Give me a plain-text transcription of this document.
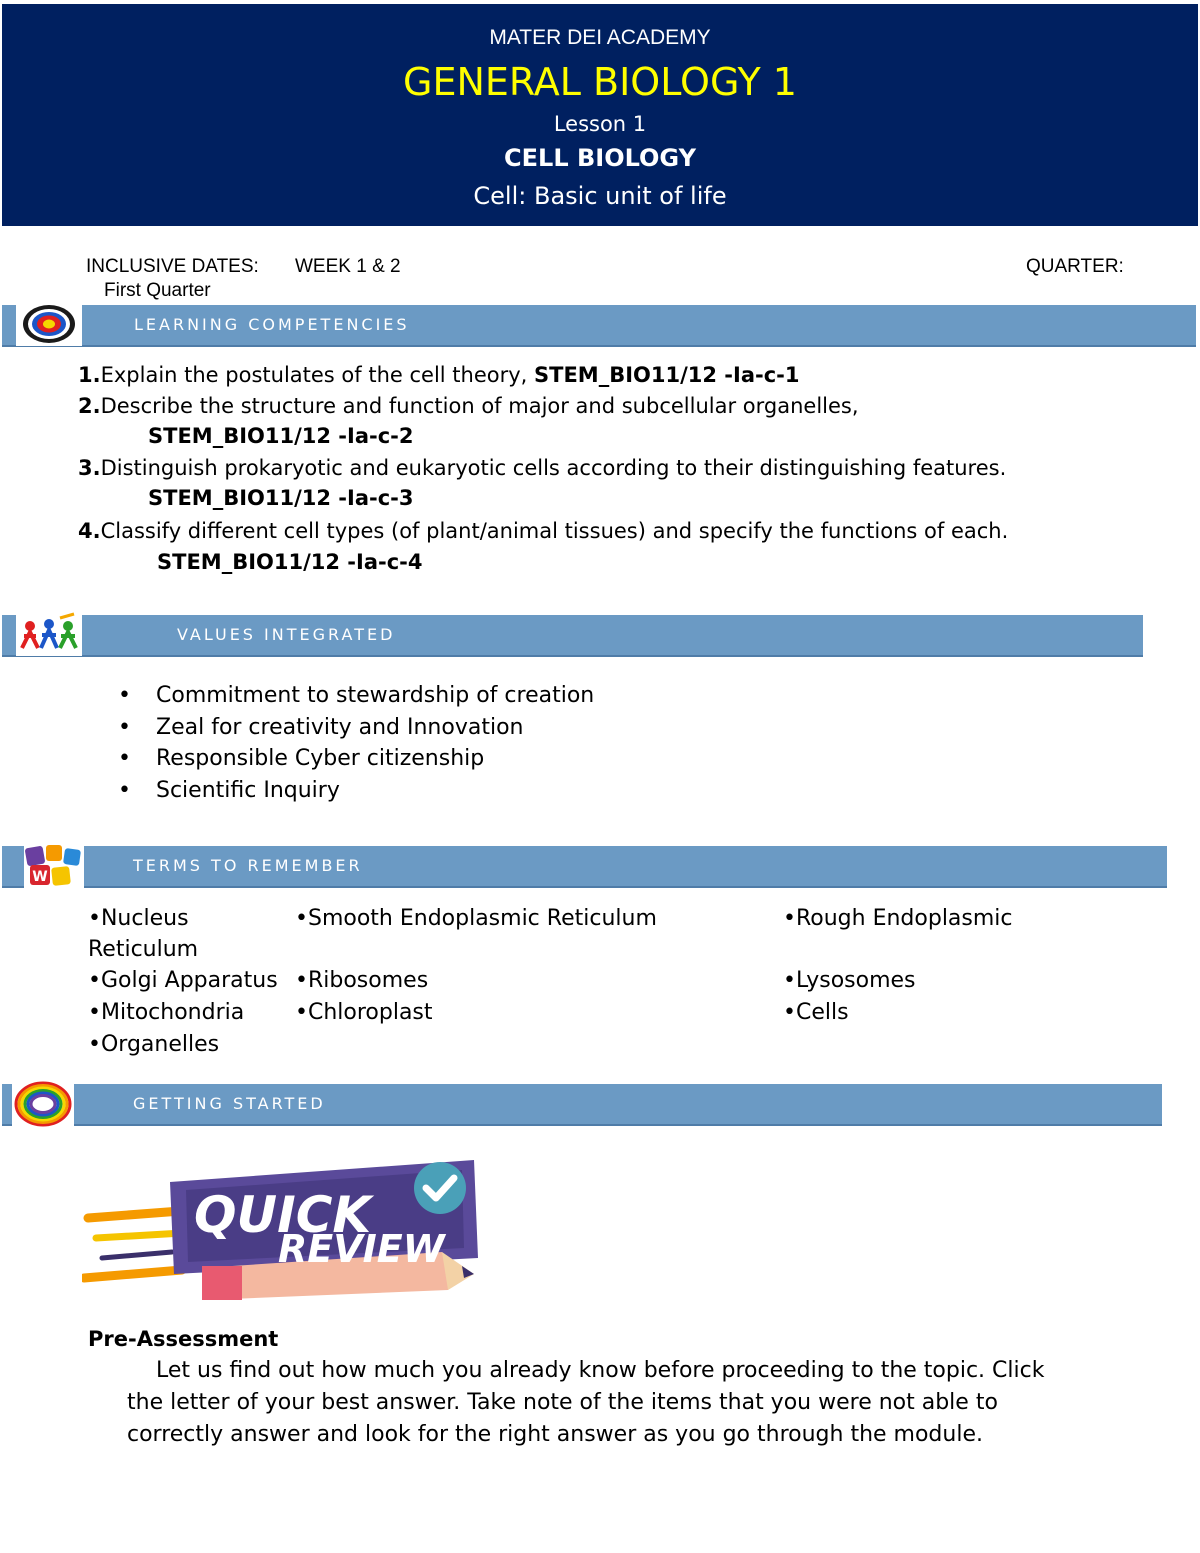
MATER DEI ACADEMY
GENERAL BIOLOGY 1
Lesson 1
CELL BIOLOGY
Cell: Basic unit of life
INCLUSIVE DATES: WEEK 1 & 2	QUARTER:
First Quarter
LEARNING COMPETENCIES
1.Explain the postulates of the cell theory, STEM_BIO11/12 -Ia-c-1
2.Describe the structure and function of major and subcellular organelles,
STEM_BIO11/12 -Ia-c-2
3.Distinguish prokaryotic and eukaryotic cells according to their distinguishing features.
STEM_BIO11/12 -Ia-c-3
4.Classify different cell types (of plant/animal tissues) and specify the functions of each.
STEM_BIO11/12 -Ia-c-4
VALUES INTEGRATED
• Commitment to stewardship of creation
• Zeal for creativity and Innovation
• Responsible Cyber citizenship
• Scientific Inquiry
W
TERMS TO REMEMBER
•Nucleus
Reticulum
•Golgi Apparatus
•Mitochondria
•Organelles
•Smooth Endoplasmic Reticulum
•Ribosomes
•Chloroplast
•Rough Endoplasmic
•Lysosomes
•Cells
GETTING STARTED
QUICK
REVIEW
Pre-Assessment
Let us find out how much you already know before proceeding to the topic. Click
the letter of your best answer. Take note of the items that you were not able to
correctly answer and look for the right answer as you go through the module.
